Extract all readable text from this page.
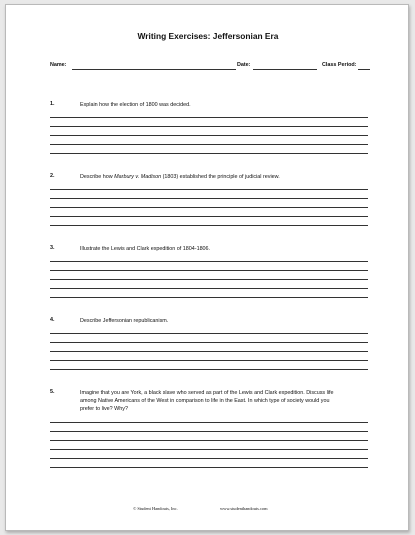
Writing Exercises: Jeffersonian Era
Name:	Date:	Class Period:
1.	Explain how the election of 1800 was decided.
2.	Describe how Marbury v. Madison (1803) established the principle of judicial review.
3.	Illustrate the Lewis and Clark expedition of 1804-1806.
4.	Describe Jeffersonian republicanism.
5.	Imagine that you are York, a black slave who served as part of the Lewis and Clark expedition. Discuss life
among Native Americans of the West in comparison to life in the East. In which type of society would you
prefer to live? Why?
© Student Handouts, Inc.	www.studenthandouts.com
